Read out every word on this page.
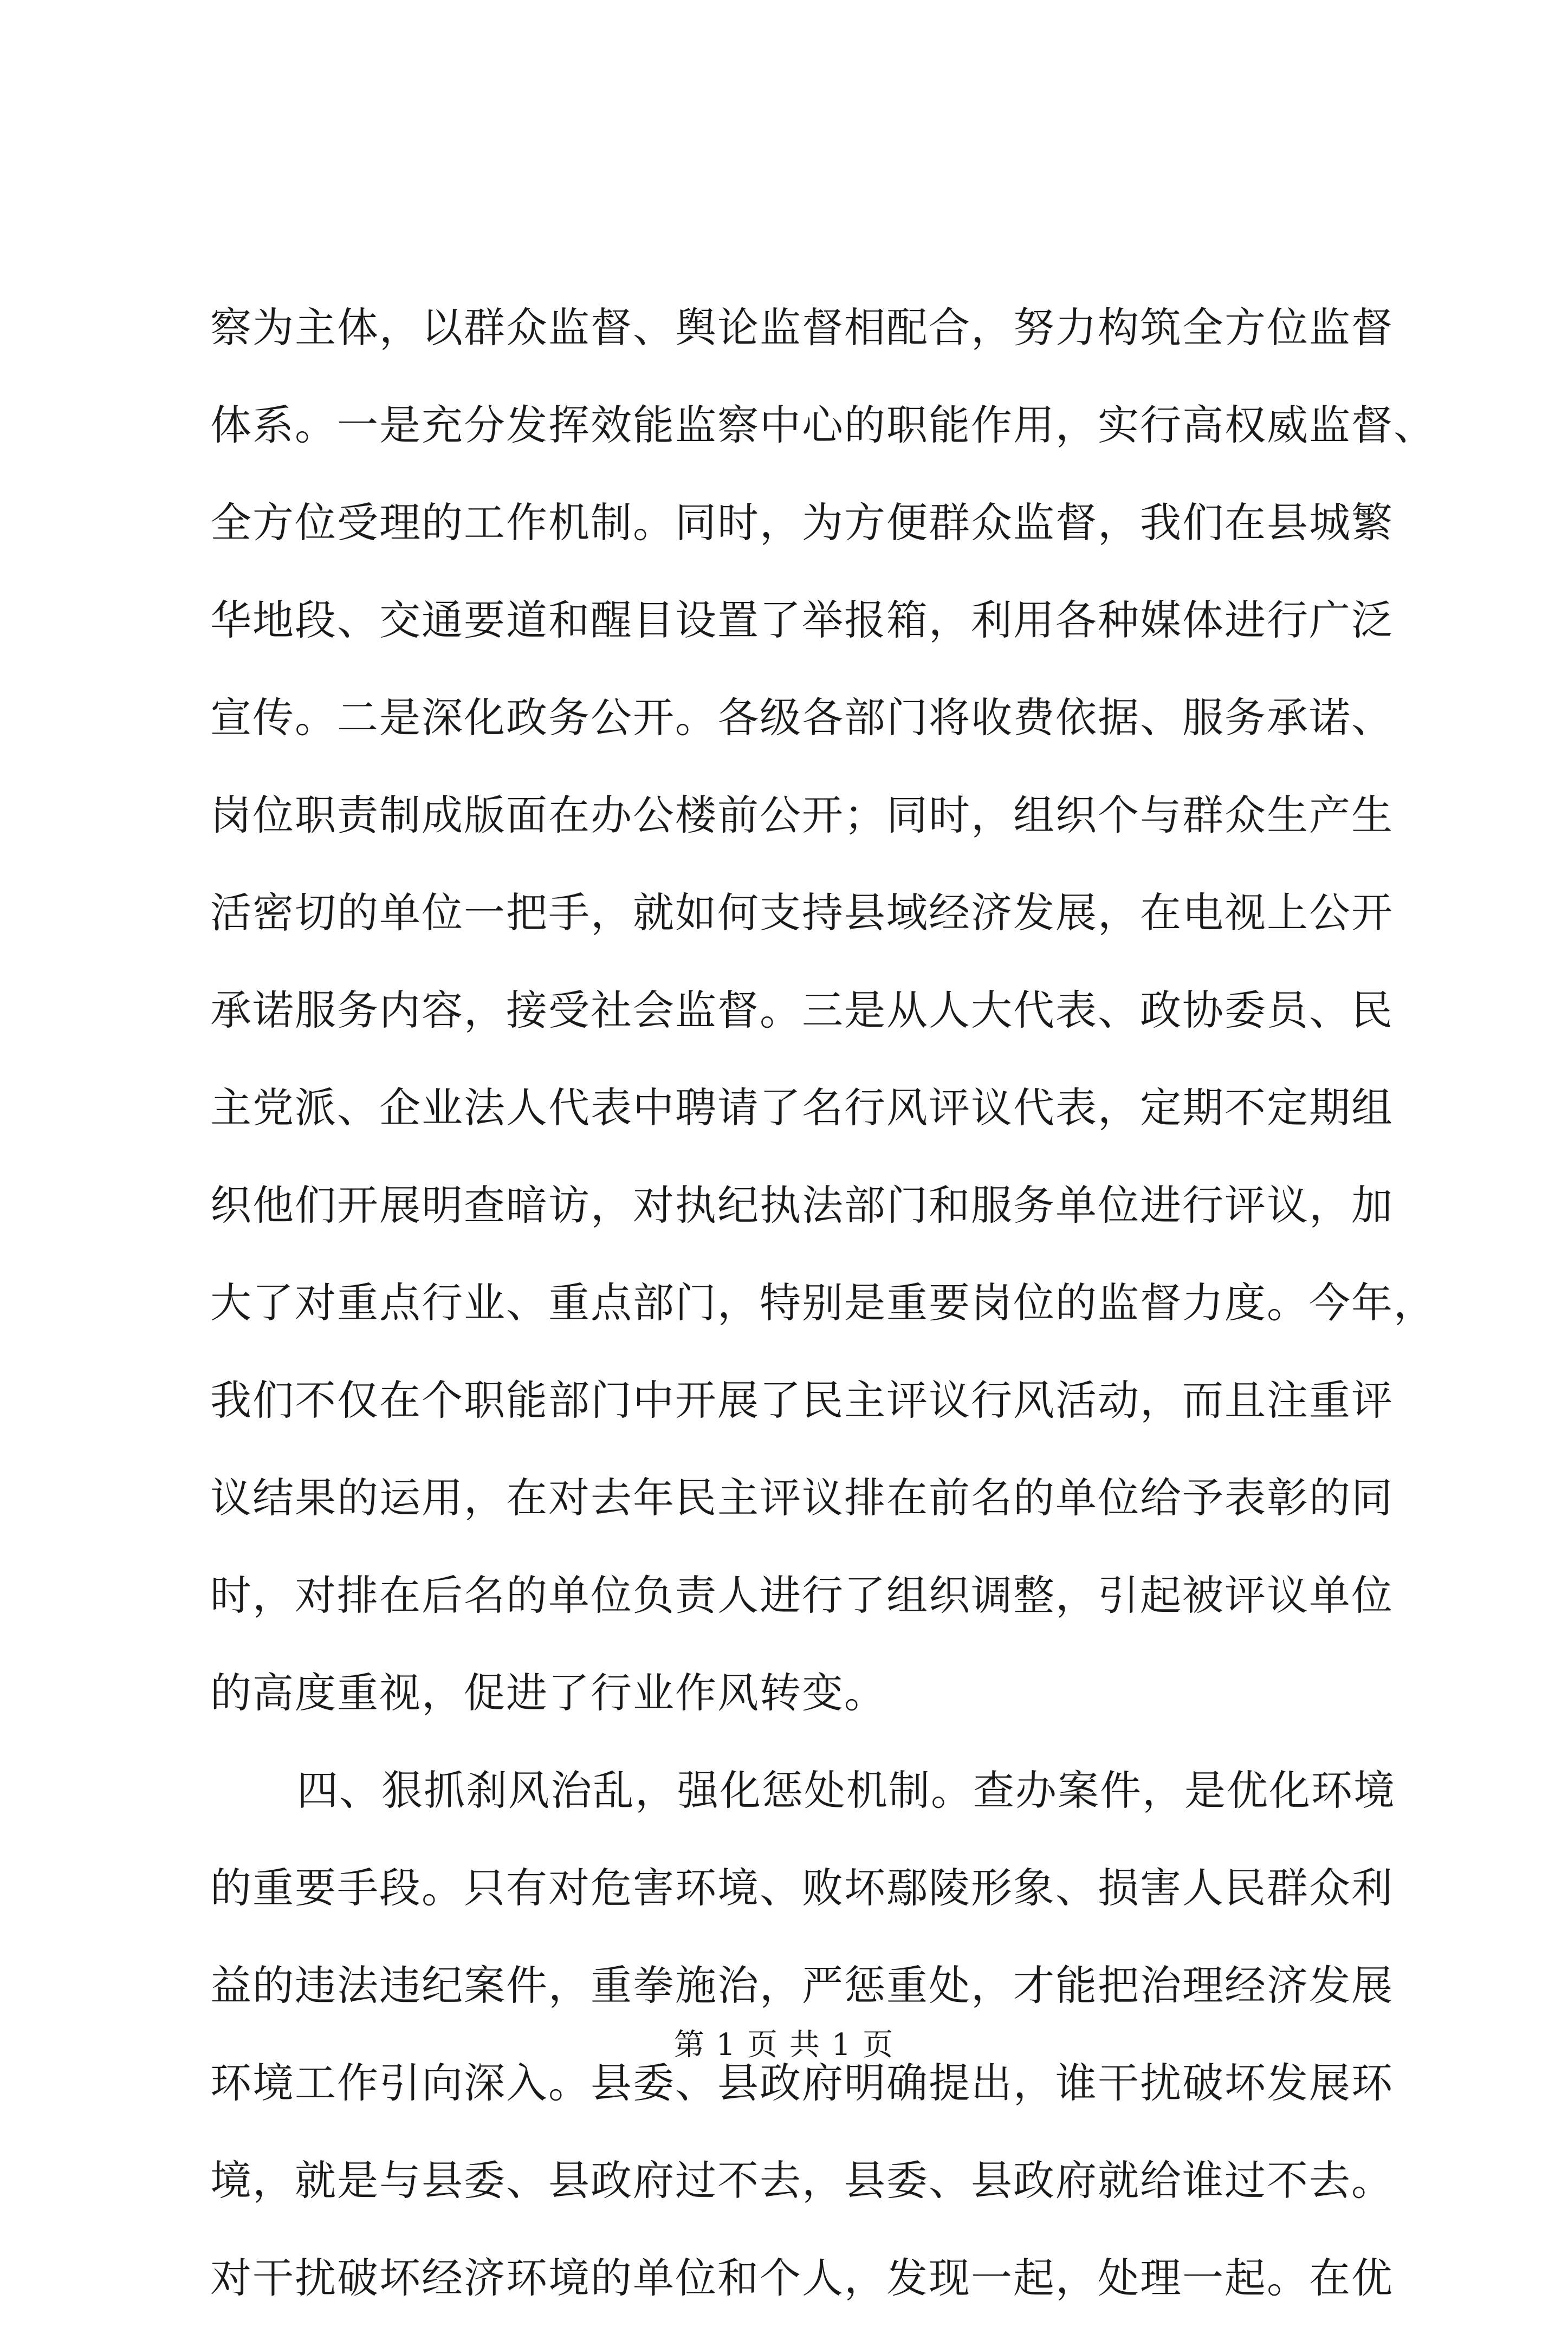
察为主体，以群众监督、舆论监督相配合，努力构筑全方位监督
体系。一是充分发挥效能监察中心的职能作用，实行高权威监督、
全方位受理的工作机制。同时，为方便群众监督，我们在县城繁
华地段、交通要道和醒目设置了举报箱，利用各种媒体进行广泛
宣传。二是深化政务公开。各级各部门将收费依据、服务承诺、
岗位职责制成版面在办公楼前公开；同时，组织个与群众生产生
活密切的单位一把手，就如何支持县域经济发展，在电视上公开
承诺服务内容，接受社会监督。三是从人大代表、政协委员、民
主党派、企业法人代表中聘请了名行风评议代表，定期不定期组
织他们开展明查暗访，对执纪执法部门和服务单位进行评议，加
大了对重点行业、重点部门，特别是重要岗位的监督力度。今年，
我们不仅在个职能部门中开展了民主评议行风活动，而且注重评
议结果的运用，在对去年民主评议排在前名的单位给予表彰的同
时，对排在后名的单位负责人进行了组织调整，引起被评议单位
的高度重视，促进了行业作风转变。
四、狠抓刹风治乱，强化惩处机制。查办案件，是优化环境
的重要手段。只有对危害环境、败坏鄢陵形象、损害人民群众利
益的违法违纪案件，重拳施治，严惩重处，才能把治理经济发展
环境工作引向深入。县委、县政府明确提出，谁干扰破坏发展环
境，就是与县委、县政府过不去，县委、县政府就给谁过不去。
对干扰破坏经济环境的单位和个人，发现一起，处理一起。在优
第 1 页 共 1 页
